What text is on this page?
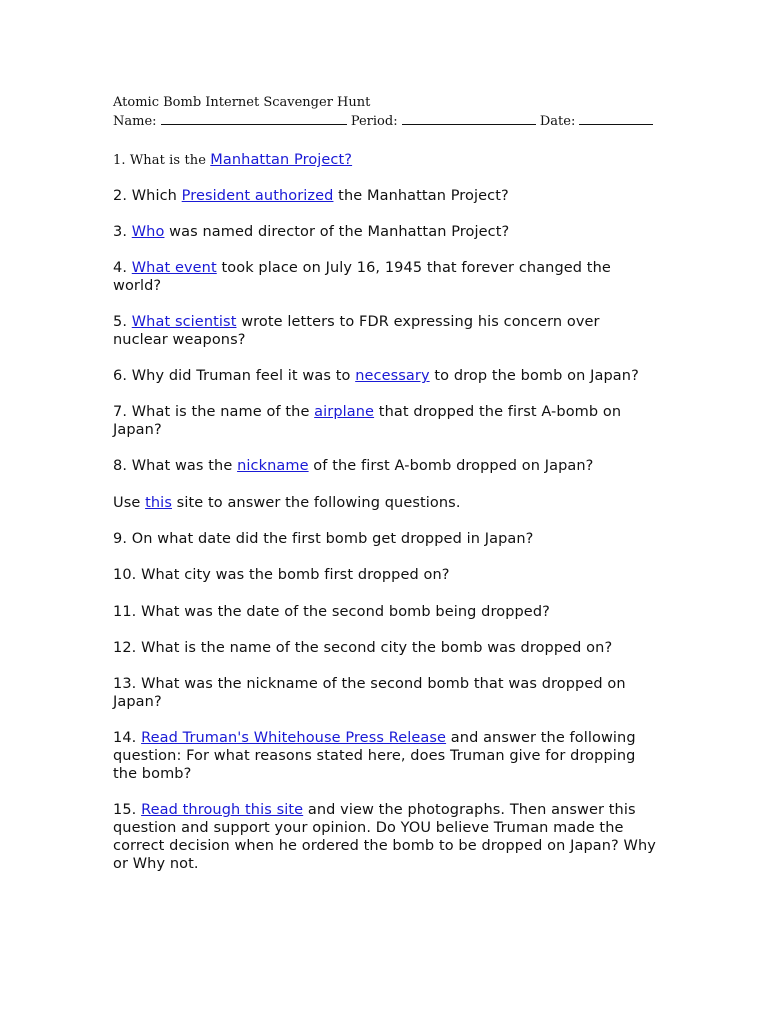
Atomic Bomb Internet Scavenger Hunt

Name:	Period:	Date:

1. What is the Manhattan Project?

2. Which President authorized the Manhattan Project?

3. Who was named director of the Manhattan Project?

4. What event took place on July 16, 1945 that forever changed the world?

5. What scientist wrote letters to FDR expressing his concern over nuclear weapons?

6. Why did Truman feel it was to necessary to drop the bomb on Japan?

7. What is the name of the airplane that dropped the first A-bomb on Japan?

8. What was the nickname of the first A-bomb dropped on Japan?

Use this site to answer the following questions.

9. On what date did the first bomb get dropped in Japan?

10. What city was the bomb first dropped on?

11. What was the date of the second bomb being dropped?

12. What is the name of the second city the bomb was dropped on?

13. What was the nickname of the second bomb that was dropped on Japan?

14. Read Truman's Whitehouse Press Release and answer the following question: For what reasons stated here, does Truman give for dropping the bomb?

15. Read through this site and view the photographs. Then answer this question and support your opinion. Do YOU believe Truman made the correct decision when he ordered the bomb to be dropped on Japan? Why or Why not.
